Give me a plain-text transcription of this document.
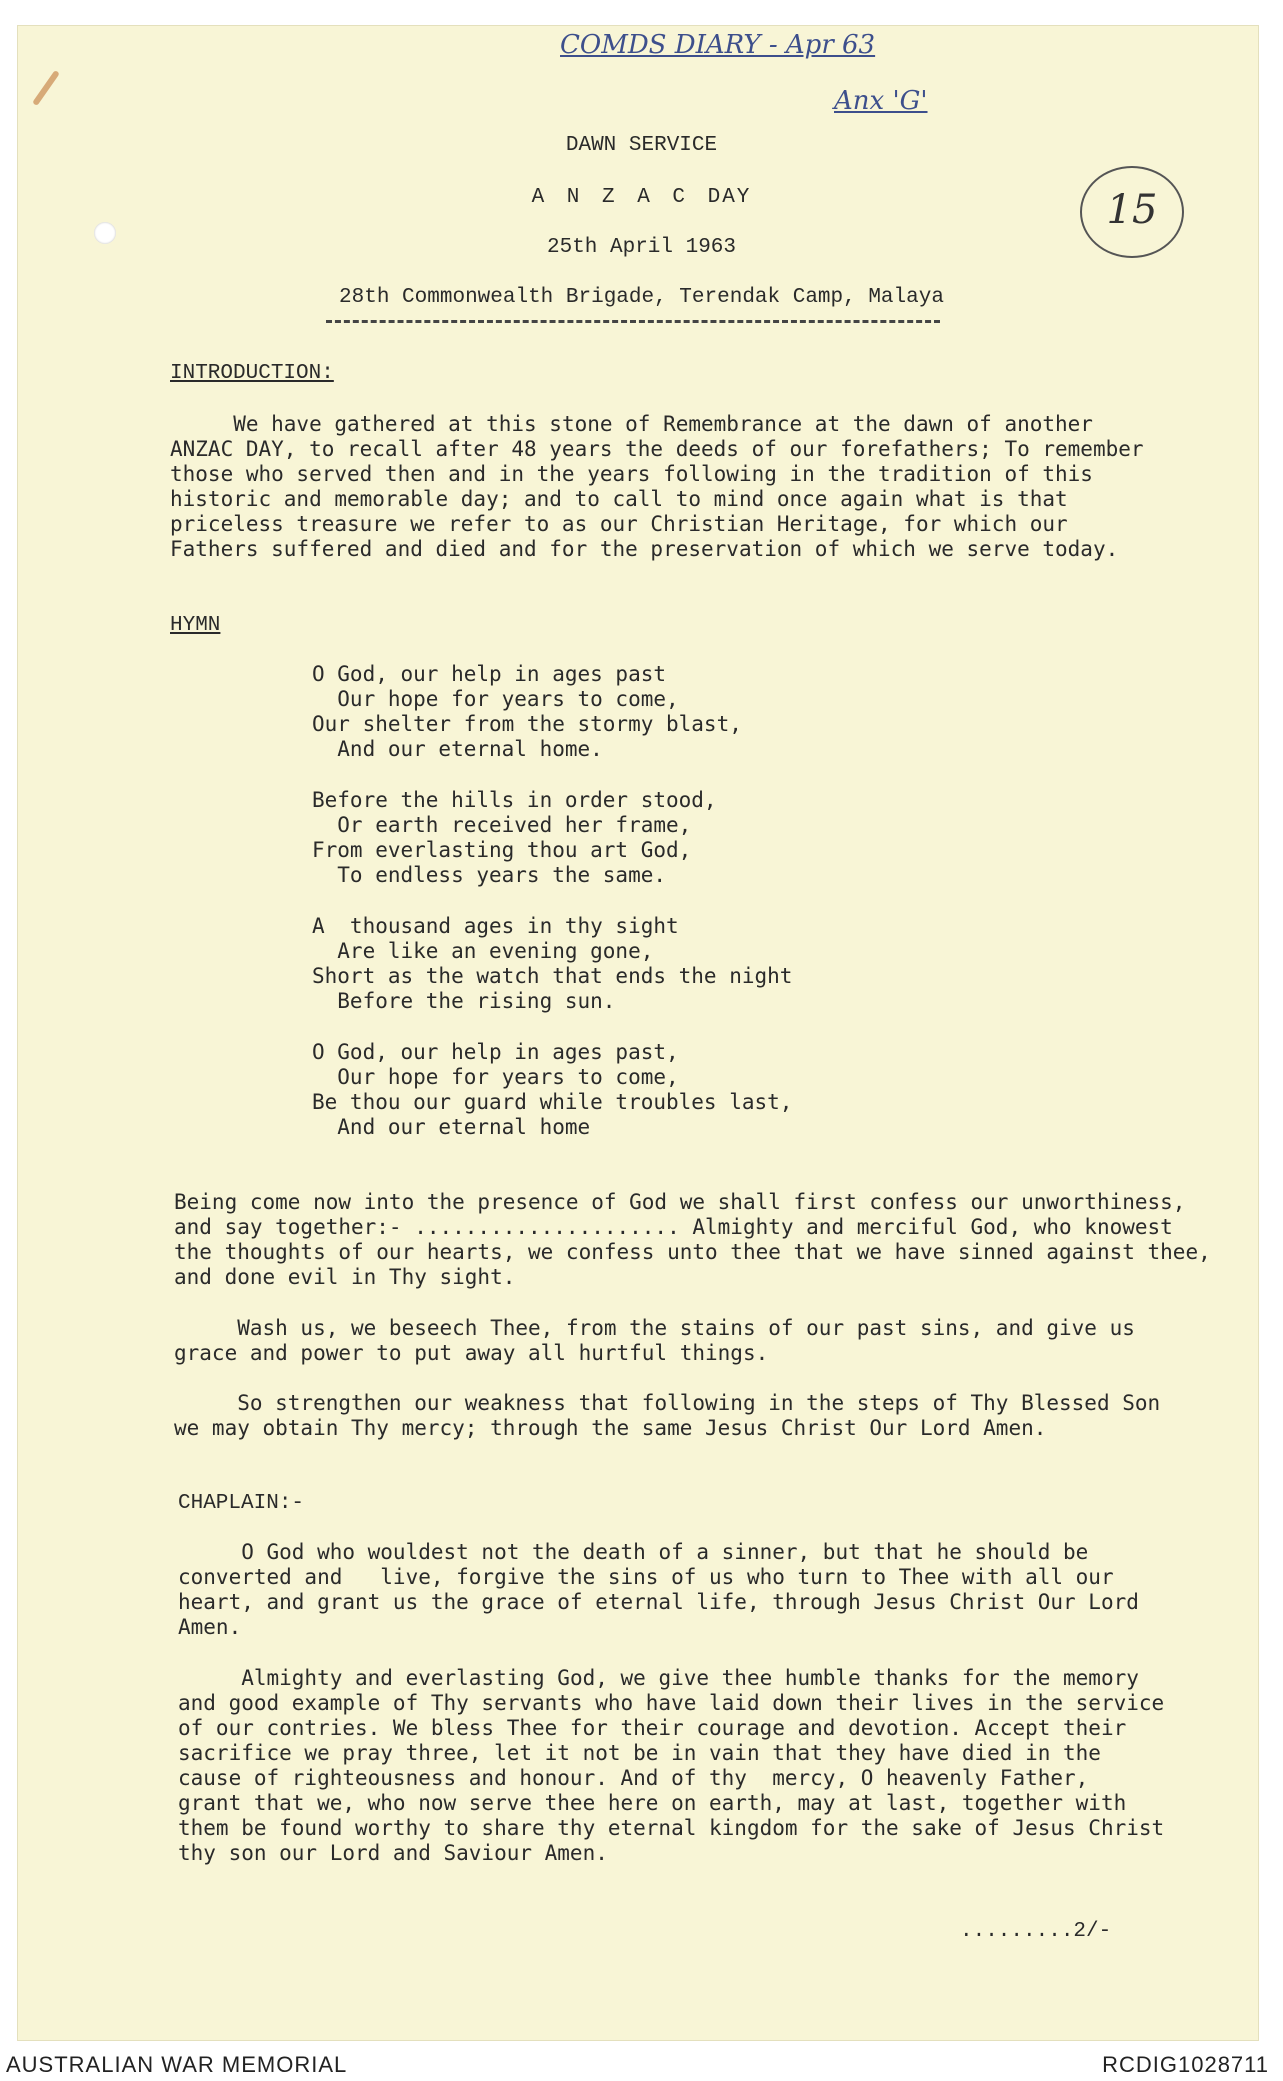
COMDS DIARY - Apr 63
Anx 'G'
15
DAWN SERVICE
A N Z A C DAY
25th April 1963
28th Commonwealth Brigade, Terendak Camp, Malaya
INTRODUCTION:
We have gathered at this stone of Remembrance at the dawn of another
ANZAC DAY, to recall after 48 years the deeds of our forefathers; To remember
those who served then and in the years following in the tradition of this
historic and memorable day; and to call to mind once again what is that
priceless treasure we refer to as our Christian Heritage, for which our
Fathers suffered and died and for the preservation of which we serve today.
HYMN
O God, our help in ages past
Our hope for years to come,
Our shelter from the stormy blast,
And our eternal home.
Before the hills in order stood,
Or earth received her frame,
From everlasting thou art God,
To endless years the same.
A  thousand ages in thy sight
Are like an evening gone,
Short as the watch that ends the night
Before the rising sun.
O God, our help in ages past,
Our hope for years to come,
Be thou our guard while troubles last,
And our eternal home
Being come now into the presence of God we shall first confess our unworthiness,
and say together:- ..................... Almighty and merciful God, who knowest
the thoughts of our hearts, we confess unto thee that we have sinned against thee,
and done evil in Thy sight.
Wash us, we beseech Thee, from the stains of our past sins, and give us
grace and power to put away all hurtful things.
So strengthen our weakness that following in the steps of Thy Blessed Son
we may obtain Thy mercy; through the same Jesus Christ Our Lord Amen.
CHAPLAIN:-
O God who wouldest not the death of a sinner, but that he should be
converted and   live, forgive the sins of us who turn to Thee with all our
heart, and grant us the grace of eternal life, through Jesus Christ Our Lord
Amen.
Almighty and everlasting God, we give thee humble thanks for the memory
and good example of Thy servants who have laid down their lives in the service
of our contries. We bless Thee for their courage and devotion. Accept their
sacrifice we pray three, let it not be in vain that they have died in the
cause of righteousness and honour. And of thy  mercy, O heavenly Father,
grant that we, who now serve thee here on earth, may at last, together with
them be found worthy to share thy eternal kingdom for the sake of Jesus Christ
thy son our Lord and Saviour Amen.
.........2/-
AUSTRALIAN WAR MEMORIAL	RCDIG1028711
